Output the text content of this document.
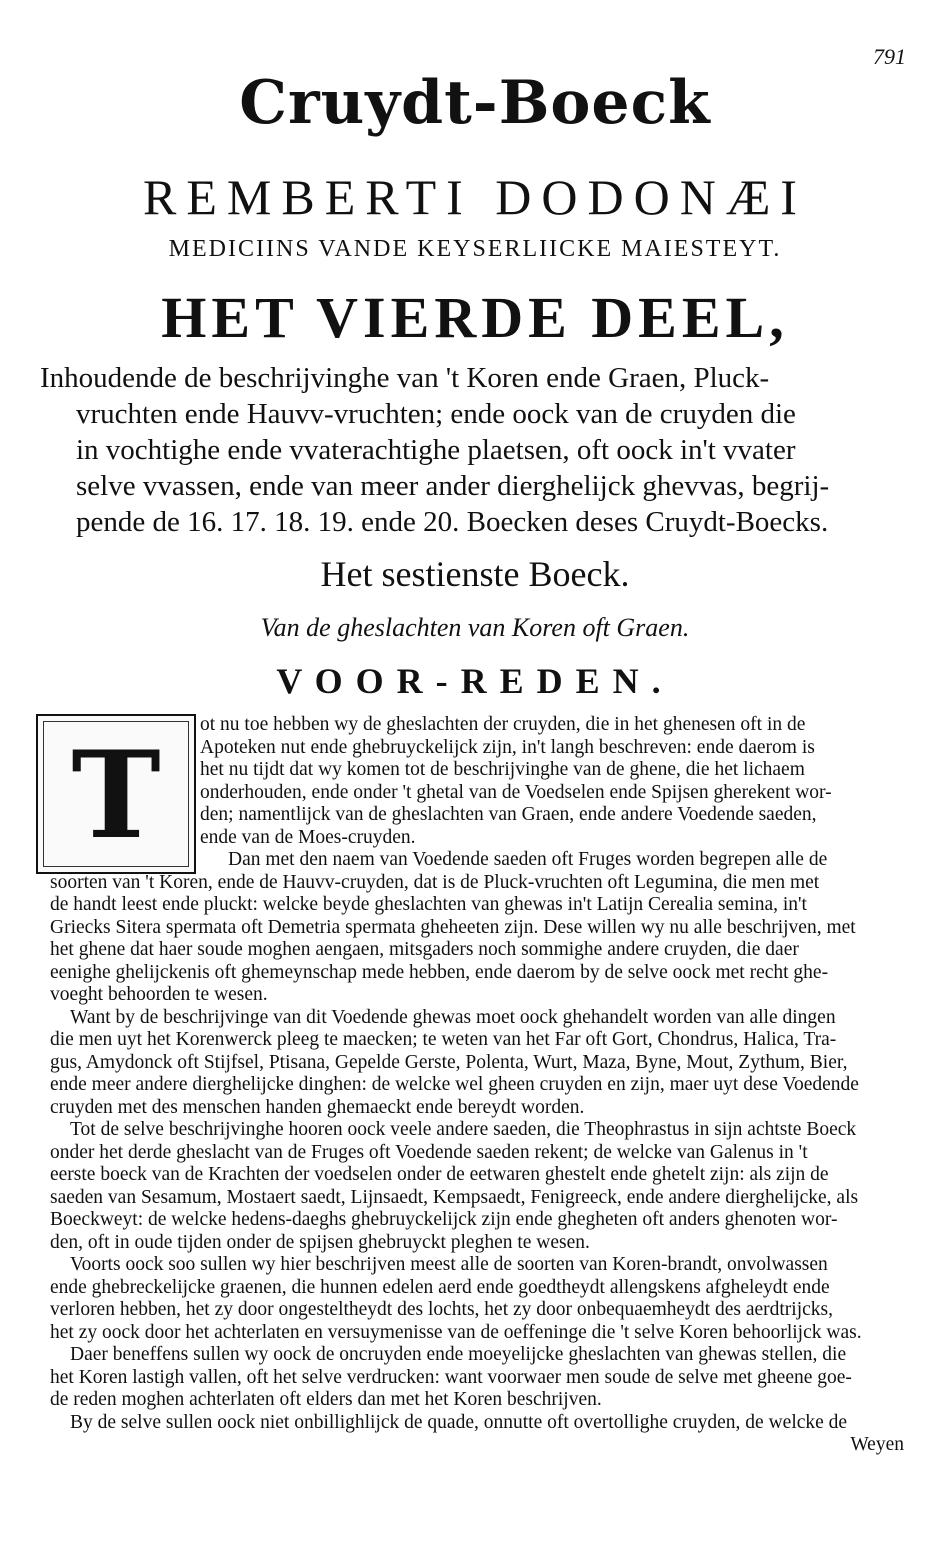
791
Cruydt-Boeck
REMBERTI DODONÆI
MEDICIINS VANDE KEYSERLIICKE MAIESTEYT.
HET VIERDE DEEL,
Inhoudende de beschrijvinghe van 't Koren ende Graen, Pluck-
vruchten ende Hauvv-vruchten; ende oock van de cruyden die
in vochtighe ende vvaterachtighe plaetsen, oft oock in't vvater
selve vvassen, ende van meer ander dierghelijck ghevvas, begrij-
pende de 16. 17. 18. 19. ende 20. Boecken deses Cruydt-Boecks.
Het sestienste Boeck.
Van de gheslachten van Koren oft Graen.
VOOR-REDEN.
T
ot nu toe hebben wy de gheslachten der cruyden, die in het ghenesen oft in de
Apoteken nut ende ghebruyckelijck zijn, in't langh beschreven: ende daerom is
het nu tijdt dat wy komen tot de beschrijvinghe van de ghene, die het lichaem
onderhouden, ende onder 't ghetal van de Voedselen ende Spijsen gherekent wor-
den; namentlijck van de gheslachten van Graen, ende andere Voedende saeden,
ende van de Moes-cruyden.
Dan met den naem van Voedende saeden oft Fruges worden begrepen alle de
soorten van 't Koren, ende de Hauvv-cruyden, dat is de Pluck-vruchten oft Legumina, die men met
de handt leest ende pluckt: welcke beyde gheslachten van ghewas in't Latijn Cerealia semina, in't
Griecks Sitera spermata oft Demetria spermata gheheeten zijn. Dese willen wy nu alle beschrijven, met
het ghene dat haer soude moghen aengaen, mitsgaders noch sommighe andere cruyden, die daer
eenighe ghelijckenis oft ghemeynschap mede hebben, ende daerom by de selve oock met recht ghe-
voeght behoorden te wesen.
Want by de beschrijvinge van dit Voedende ghewas moet oock ghehandelt worden van alle dingen
die men uyt het Korenwerck pleeg te maecken; te weten van het Far oft Gort, Chondrus, Halica, Tra-
gus, Amydonck oft Stijfsel, Ptisana, Gepelde Gerste, Polenta, Wurt, Maza, Byne, Mout, Zythum, Bier,
ende meer andere dierghelijcke dinghen: de welcke wel gheen cruyden en zijn, maer uyt dese Voedende
cruyden met des menschen handen ghemaeckt ende bereydt worden.
Tot de selve beschrijvinghe hooren oock veele andere saeden, die Theophrastus in sijn achtste Boeck
onder het derde gheslacht van de Fruges oft Voedende saeden rekent; de welcke van Galenus in 't
eerste boeck van de Krachten der voedselen onder de eetwaren ghestelt ende ghetelt zijn: als zijn de
saeden van Sesamum, Mostaert saedt, Lijnsaedt, Kempsaedt, Fenigreeck, ende andere dierghelijcke, als
Boeckweyt: de welcke hedens-daeghs ghebruyckelijck zijn ende ghegheten oft anders ghenoten wor-
den, oft in oude tijden onder de spijsen ghebruyckt pleghen te wesen.
Voorts oock soo sullen wy hier beschrijven meest alle de soorten van Koren-brandt, onvolwassen
ende ghebreckelijcke graenen, die hunnen edelen aerd ende goedtheydt allengskens afgheleydt ende
verloren hebben, het zy door ongesteltheydt des lochts, het zy door onbequaemheydt des aerdtrijcks,
het zy oock door het achterlaten en versuymenisse van de oeffeninge die 't selve Koren behoorlijck was.
Daer beneffens sullen wy oock de oncruyden ende moeyelijcke gheslachten van ghewas stellen, die
het Koren lastigh vallen, oft het selve verdrucken: want voorwaer men soude de selve met gheene goe-
de reden moghen achterlaten oft elders dan met het Koren beschrijven.
By de selve sullen oock niet onbillighlijck de quade, onnutte oft overtollighe cruyden, de welcke de
Weyen
